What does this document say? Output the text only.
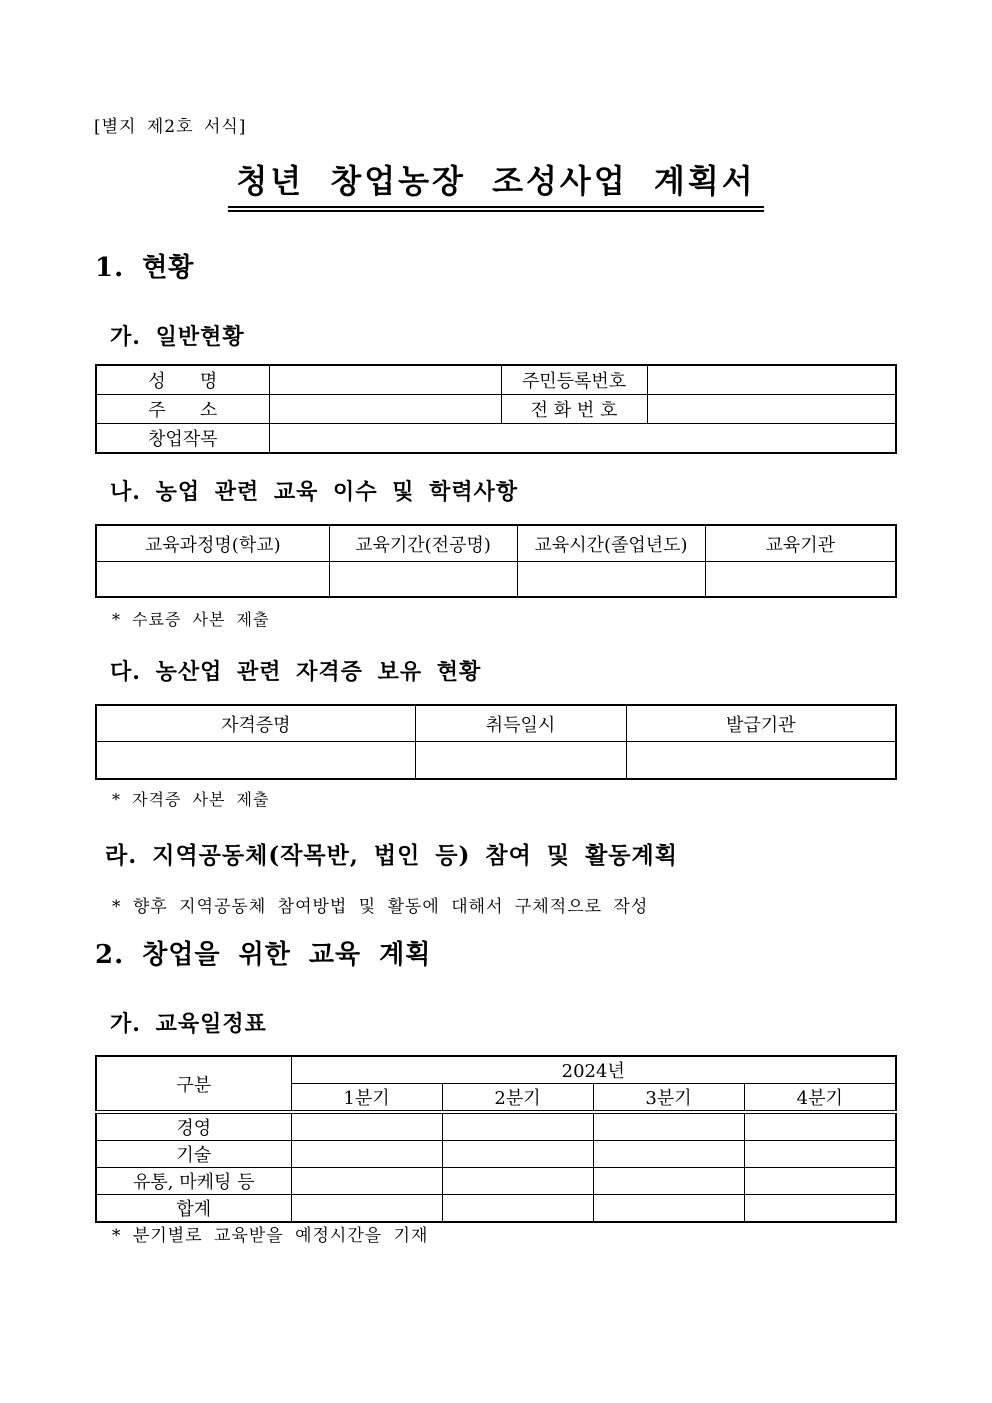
[별지 제2호 서식]
청년 창업농장 조성사업 계획서
1. 현황
가. 일반현황
성      명		주민등록번호	
주      소		전 화 번 호	
창업작목			
나. 농업 관련 교육 이수 및 학력사항
교육과정명(학교)	교육기간(전공명)	교육시간(졸업년도)	교육기관

* 수료증 사본 제출
다. 농산업 관련 자격증 보유 현황
자격증명	취득일시	발급기관

* 자격증 사본 제출
라. 지역공동체(작목반, 법인 등) 참여 및 활동계획
* 향후 지역공동체 참여방법 및 활동에 대해서 구체적으로 작성
2. 창업을 위한 교육 계획
가. 교육일정표
구분	2024년			
	1분기	2분기	3분기	4분기
경영				
기술				
유통, 마케팅 등				
합계				
* 분기별로 교육받을 예정시간을 기재
